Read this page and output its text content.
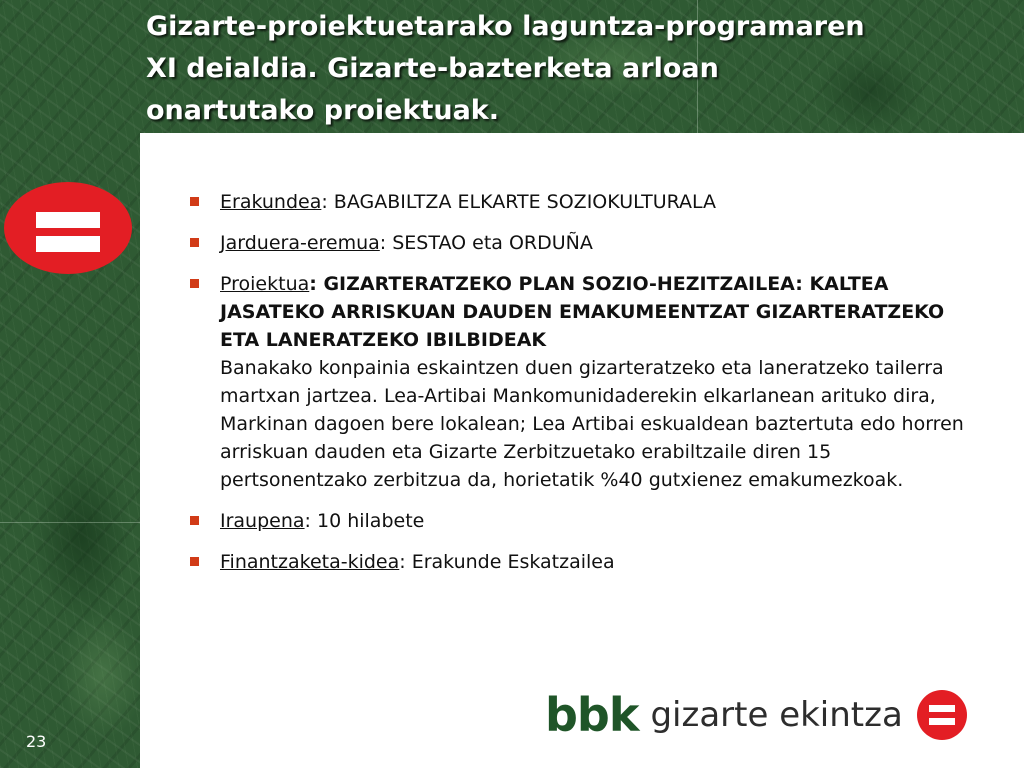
Gizarte-proiektuetarako laguntza-programaren
XI deialdia. Gizarte-bazterketa arloan
onartutako proiektuak.
Erakundea: BAGABILTZA ELKARTE SOZIOKULTURALA
Jarduera-eremua: SESTAO eta ORDUÑA
Proiektua: GIZARTERATZEKO PLAN SOZIO-HEZITZAILEA: KALTEA JASATEKO ARRISKUAN DAUDEN EMAKUMEENTZAT GIZARTERATZEKO ETA LANERATZEKO IBILBIDEAK
Banakako konpainia eskaintzen duen gizarteratzeko eta laneratzeko tailerra martxan jartzea. Lea-Artibai Mankomunidaderekin elkarlanean arituko dira, Markinan dagoen bere lokalean; Lea Artibai eskualdean baztertuta edo horren arriskuan dauden eta Gizarte Zerbitzuetako erabiltzaile diren 15 pertsonentzako zerbitzua da, horietatik %40 gutxienez emakumezkoak.
Iraupena: 10 hilabete
Finantzaketa-kidea: Erakunde Eskatzailea
23	bbk gizarte ekintza
